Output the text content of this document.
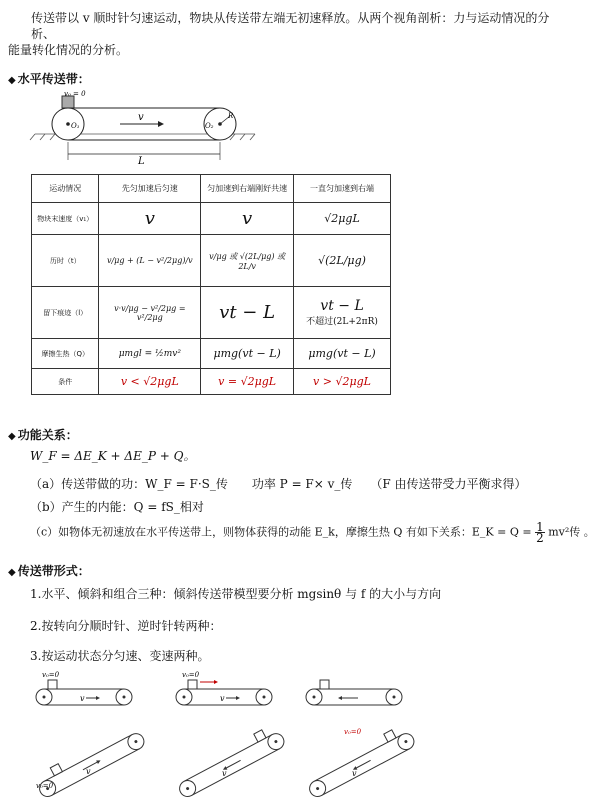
传送带以 v 顺时针匀速运动，物块从传送带左端无初速释放。从两个视角剖析：力与运动情况的分析、
能量转化情况的分析。
◆ 水平传送带：
v₀ = 0
O₁	O₂
R
v
L
运动情况	先匀加速后匀速	匀加速到右端刚好共速	一直匀加速到右端
物块末速度（v₁）	v	v	√2μgL
历时（t）	v/μg + (L − v²/2μg)/v	v/μg 或 √(2L/μg) 或 2L/v	√(2L/μg)
留下痕迹（l）	v·v/μg − v²/2μg = v²/2μg	vt − L	vt − L
不超过(2L+2πR)

摩擦生热（Q）	μmgl = ½mv²	μmg(vt − L)	μmg(vt − L)
条件	v < √2μgL	v = √2μgL	v > √2μgL
◆ 功能关系：
W_F = ΔE_K + ΔE_P + Q。
（a）传送带做的功：W_F = F·S_传　　功率 P = F× v_传　　（F 由传送带受力平衡求得）
（b）产生的内能：Q = fS_相对
（c）如物体无初速放在水平传送带上，则物体获得的动能 E_k，摩擦生热 Q 有如下关系：E_K = $Q = \frac{1}{2} mv^2$传 。
◆ 传送带形式：
1.水平、倾斜和组合三种：倾斜传送带模型要分析 mgsinθ 与 f 的大小与方向
2.按转向分顺时针、逆时针转两种：
3.按运动状态分匀速、变速两种。
v₀=0
v
v₀=0
v
v₀=0
v	v
v₀=0
v
